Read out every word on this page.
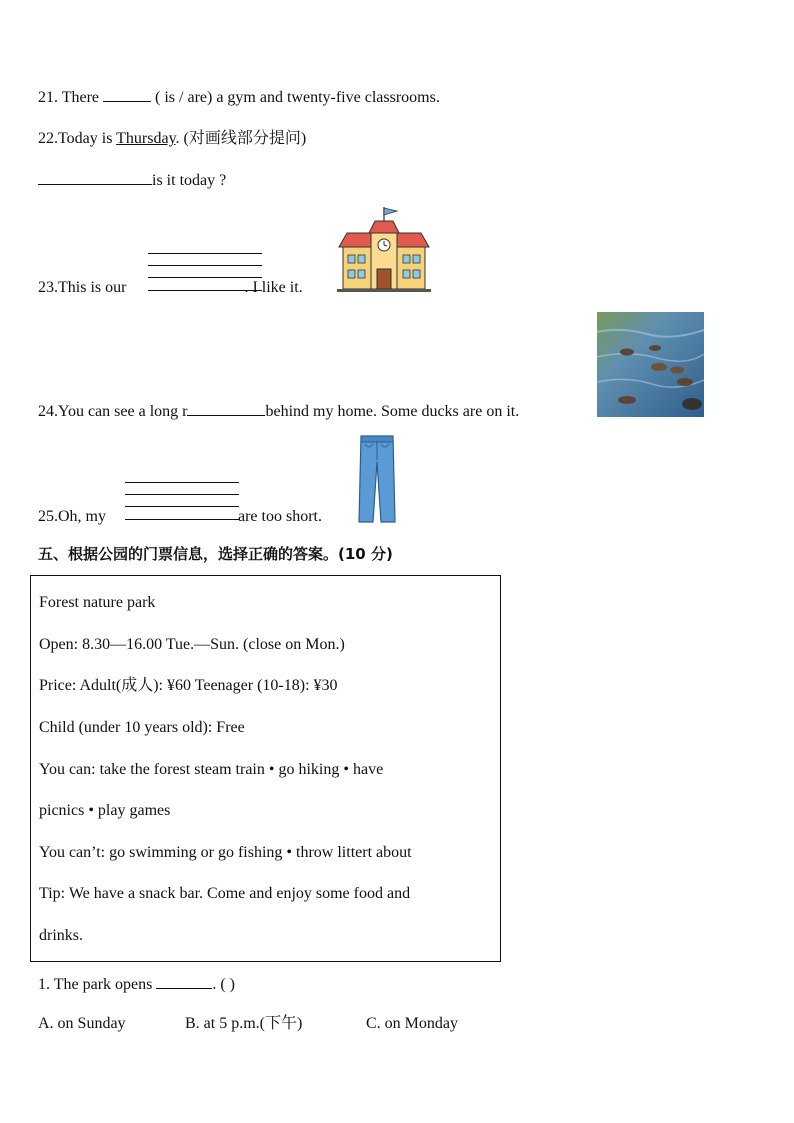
21. There	( is / are) a gym and twenty-five classrooms.
22.Today is Thursday. (对画线部分提问)
is it today ?
23.This is our	. I like it.
24.You can see a long r	behind my home. Some ducks are on it.
25.Oh, my	are too short.
五、根据公园的门票信息，选择正确的答案。(10 分)
Forest nature park
Open: 8.30—16.00 Tue.—Sun. (close on Mon.)
Price: Adult(成人): ¥60 Teenager (10-18): ¥30
Child (under 10 years old): Free
You can: take the forest steam train • go hiking • have
picnics • play games
You can’t: go swimming or go fishing • throw littert about
Tip: We have a snack bar. Come and enjoy some food and
drinks.
1. The park opens	. ( )
A. on Sunday	B. at 5 p.m.(下午)	C. on Monday
